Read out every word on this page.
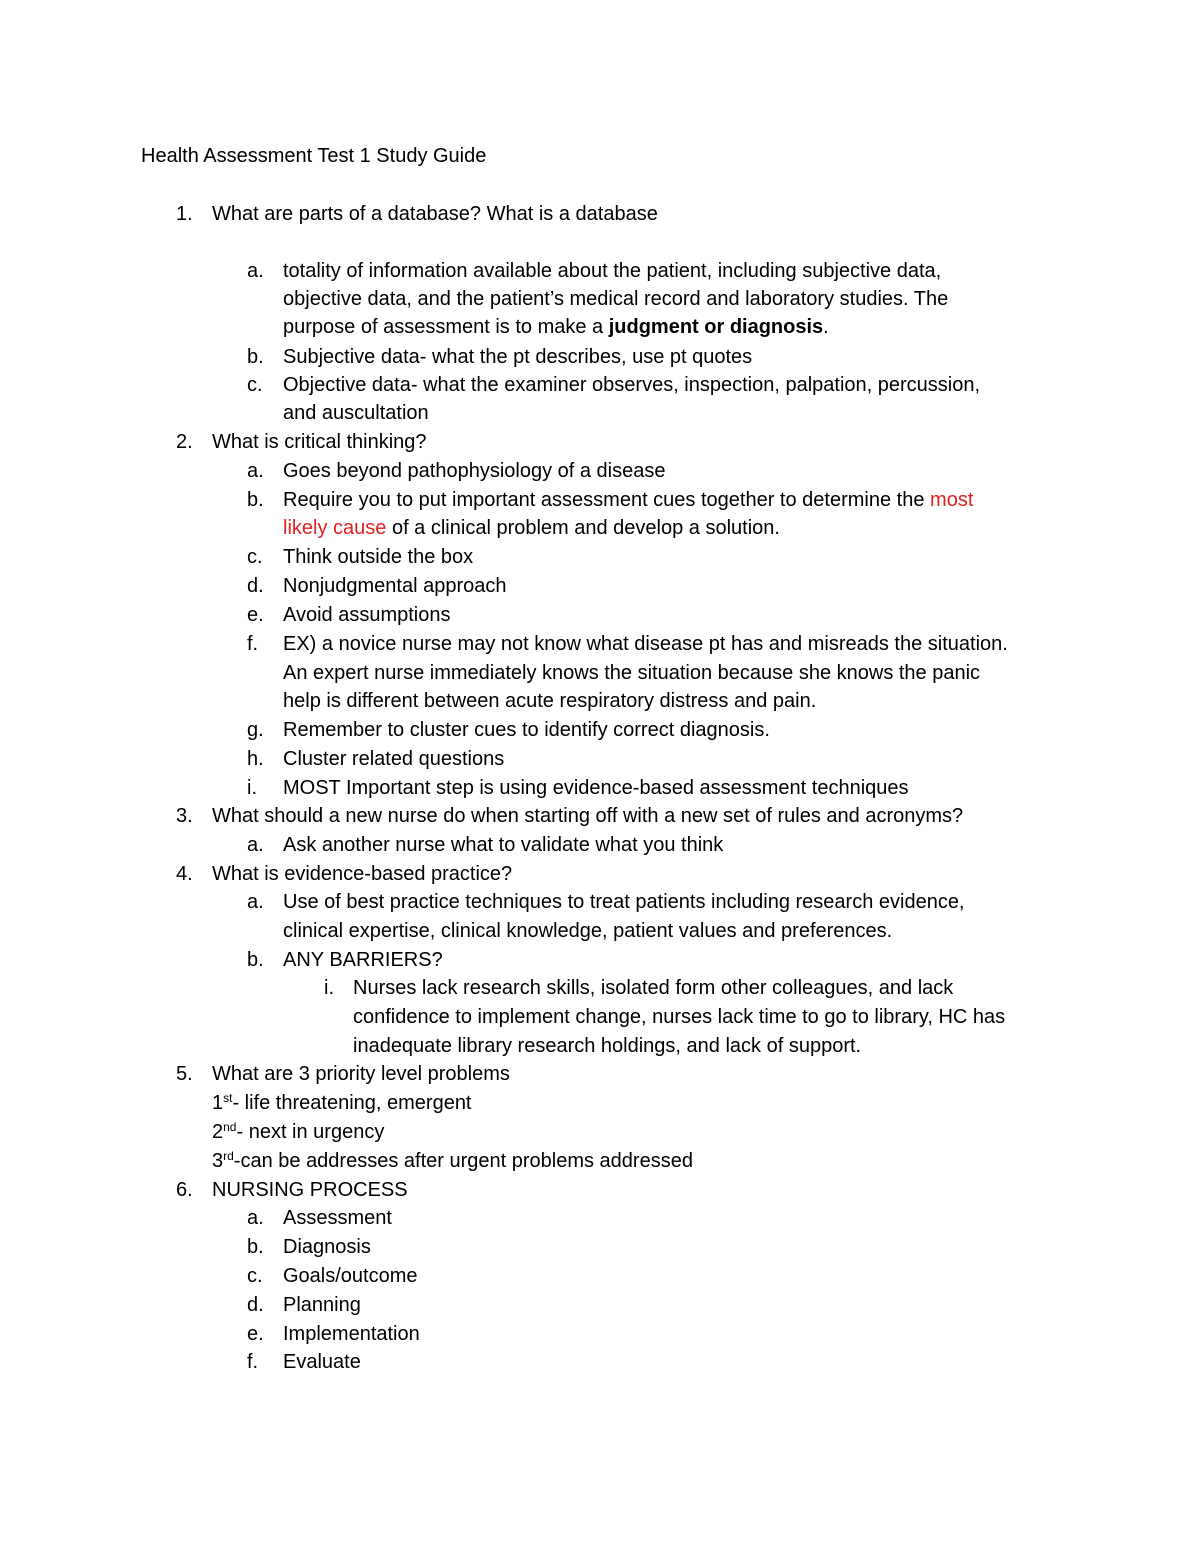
Health Assessment Test 1 Study Guide
1. What are parts of a database? What is a database
a. totality of information available about the patient, including subjective data,
objective data, and the patient’s medical record and laboratory studies. The
purpose of assessment is to make a judgment or diagnosis.
b. Subjective data- what the pt describes, use pt quotes
c. Objective data- what the examiner observes, inspection, palpation, percussion,
and auscultation
2. What is critical thinking?
a. Goes beyond pathophysiology of a disease
b. Require you to put important assessment cues together to determine the most
likely cause of a clinical problem and develop a solution.
c. Think outside the box
d. Nonjudgmental approach
e. Avoid assumptions
f. EX) a novice nurse may not know what disease pt has and misreads the situation.
An expert nurse immediately knows the situation because she knows the panic
help is different between acute respiratory distress and pain.
g. Remember to cluster cues to identify correct diagnosis.
h. Cluster related questions
i. MOST Important step is using evidence-based assessment techniques
3. What should a new nurse do when starting off with a new set of rules and acronyms?
a. Ask another nurse what to validate what you think
4. What is evidence-based practice?
a. Use of best practice techniques to treat patients including research evidence,
clinical expertise, clinical knowledge, patient values and preferences.
b. ANY BARRIERS?
i. Nurses lack research skills, isolated form other colleagues, and lack
confidence to implement change, nurses lack time to go to library, HC has
inadequate library research holdings, and lack of support.
5. What are 3 priority level problems
1st- life threatening, emergent
2nd- next in urgency
3rd-can be addresses after urgent problems addressed
6. NURSING PROCESS
a. Assessment
b. Diagnosis
c. Goals/outcome
d. Planning
e. Implementation
f. Evaluate
